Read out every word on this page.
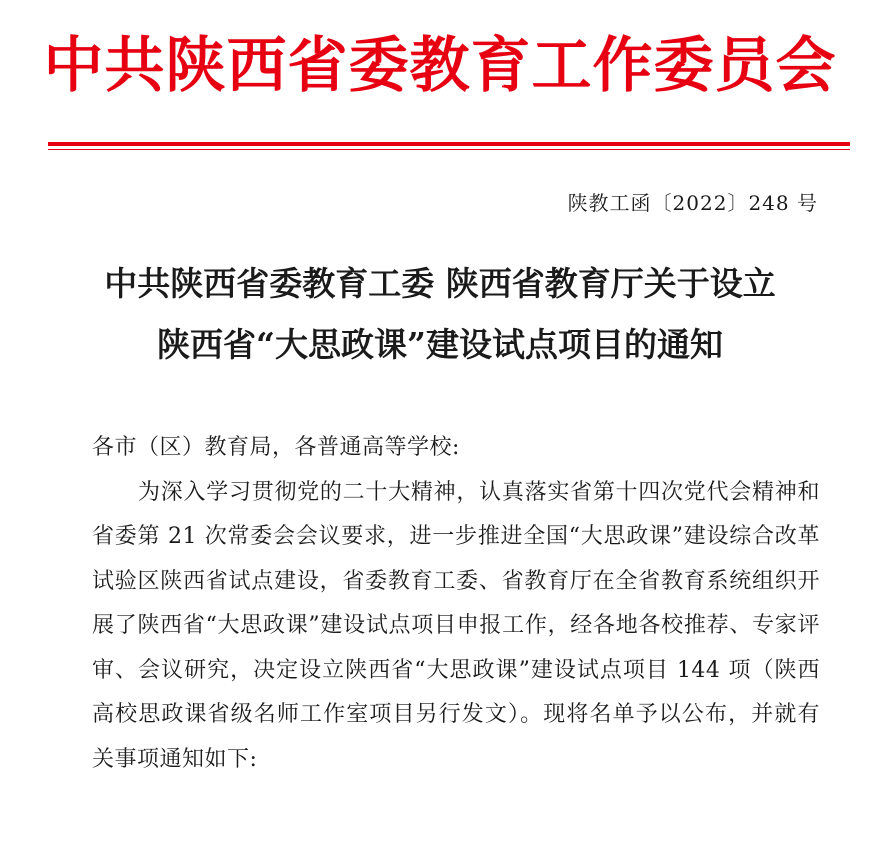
中共陕西省委教育工作委员会
陕教工函〔2022〕248 号
中共陕西省委教育工委 陕西省教育厅关于设立
陕西省“大思政课”建设试点项目的通知

各市（区）教育局，各普通高等学校:

为深入学习贯彻党的二十大精神，认真落实省第十四次党代会精神和省委第 21 次常委会会议要求，进一步推进全国“大思政课”建设综合改革试验区陕西省试点建设，省委教育工委、省教育厅在全省教育系统组织开展了陕西省“大思政课”建设试点项目申报工作，经各地各校推荐、专家评审、会议研究，决定设立陕西省“大思政课”建设试点项目 144 项（陕西高校思政课省级名师工作室项目另行发文）。现将名单予以公布，并就有关事项通知如下:
